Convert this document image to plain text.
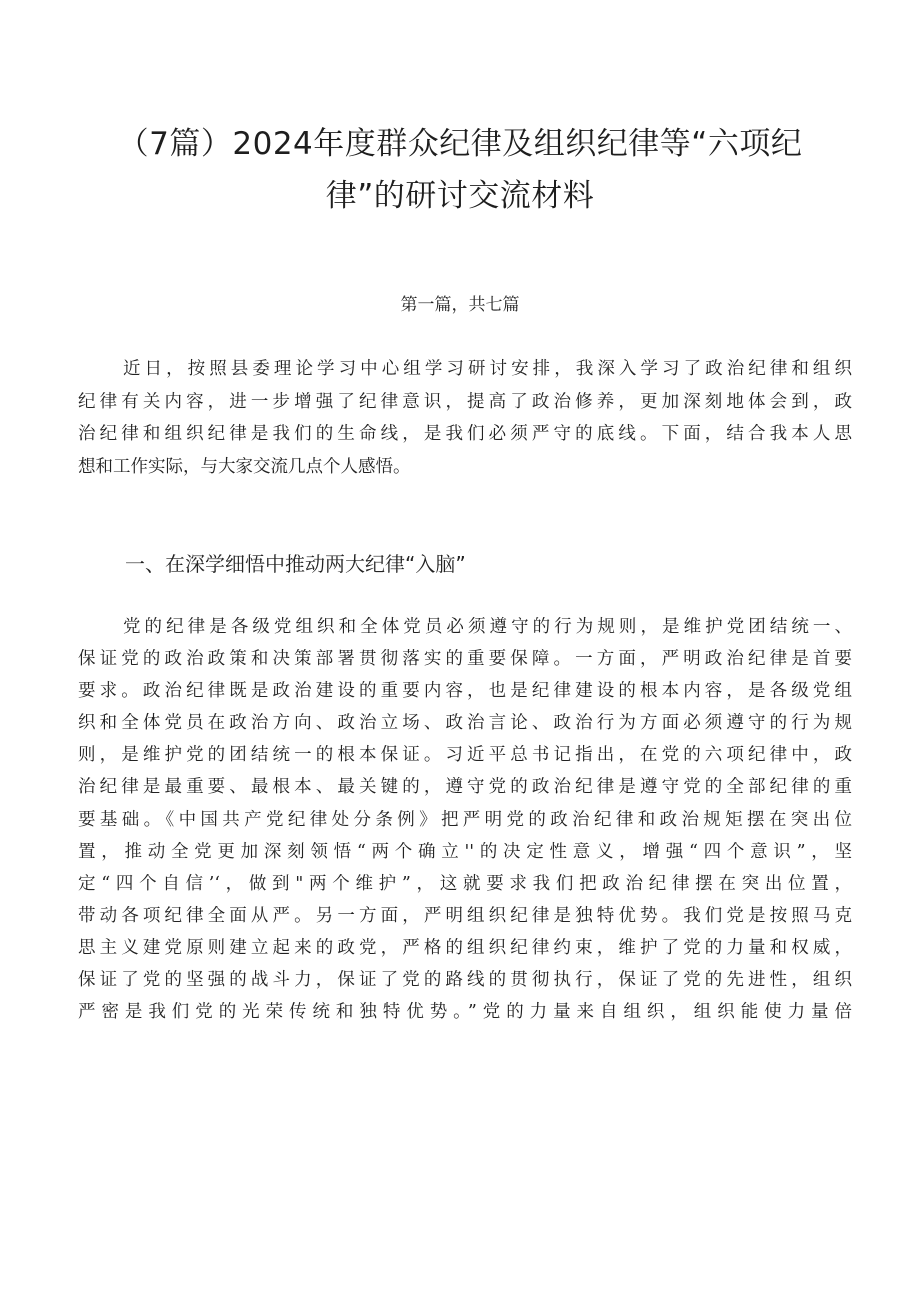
（7篇）2024年度群众纪律及组织纪律等“六项纪
律”的研讨交流材料
第一篇，共七篇
近日，按照县委理论学习中心组学习研讨安排，我深入学习了政治纪律和组织
纪律有关内容，进一步增强了纪律意识，提高了政治修养，更加深刻地体会到，政
治纪律和组织纪律是我们的生命线，是我们必须严守的底线。下面，结合我本人思
想和工作实际，与大家交流几点个人感悟。
一、在深学细悟中推动两大纪律“入脑”
党的纪律是各级党组织和全体党员必须遵守的行为规则，是维护党团结统一、
保证党的政治政策和决策部署贯彻落实的重要保障。一方面，严明政治纪律是首要
要求。政治纪律既是政治建设的重要内容，也是纪律建设的根本内容，是各级党组
织和全体党员在政治方向、政治立场、政治言论、政治行为方面必须遵守的行为规
则，是维护党的团结统一的根本保证。习近平总书记指出，在党的六项纪律中，政
治纪律是最重要、最根本、最关键的，遵守党的政治纪律是遵守党的全部纪律的重
要基础。《中国共产党纪律处分条例》把严明党的政治纪律和政治规矩摆在突出位
置，推动全党更加深刻领悟“两个确立''的决定性意义，增强“四个意识”，坚
定“四个自信’‘，做到"两个维护”，这就要求我们把政治纪律摆在突出位置，
带动各项纪律全面从严。另一方面，严明组织纪律是独特优势。我们党是按照马克
思主义建党原则建立起来的政党，严格的组织纪律约束，维护了党的力量和权威，
保证了党的坚强的战斗力，保证了党的路线的贯彻执行，保证了党的先进性，组织
严密是我们党的光荣传统和独特优势。”党的力量来自组织，组织能使力量倍
